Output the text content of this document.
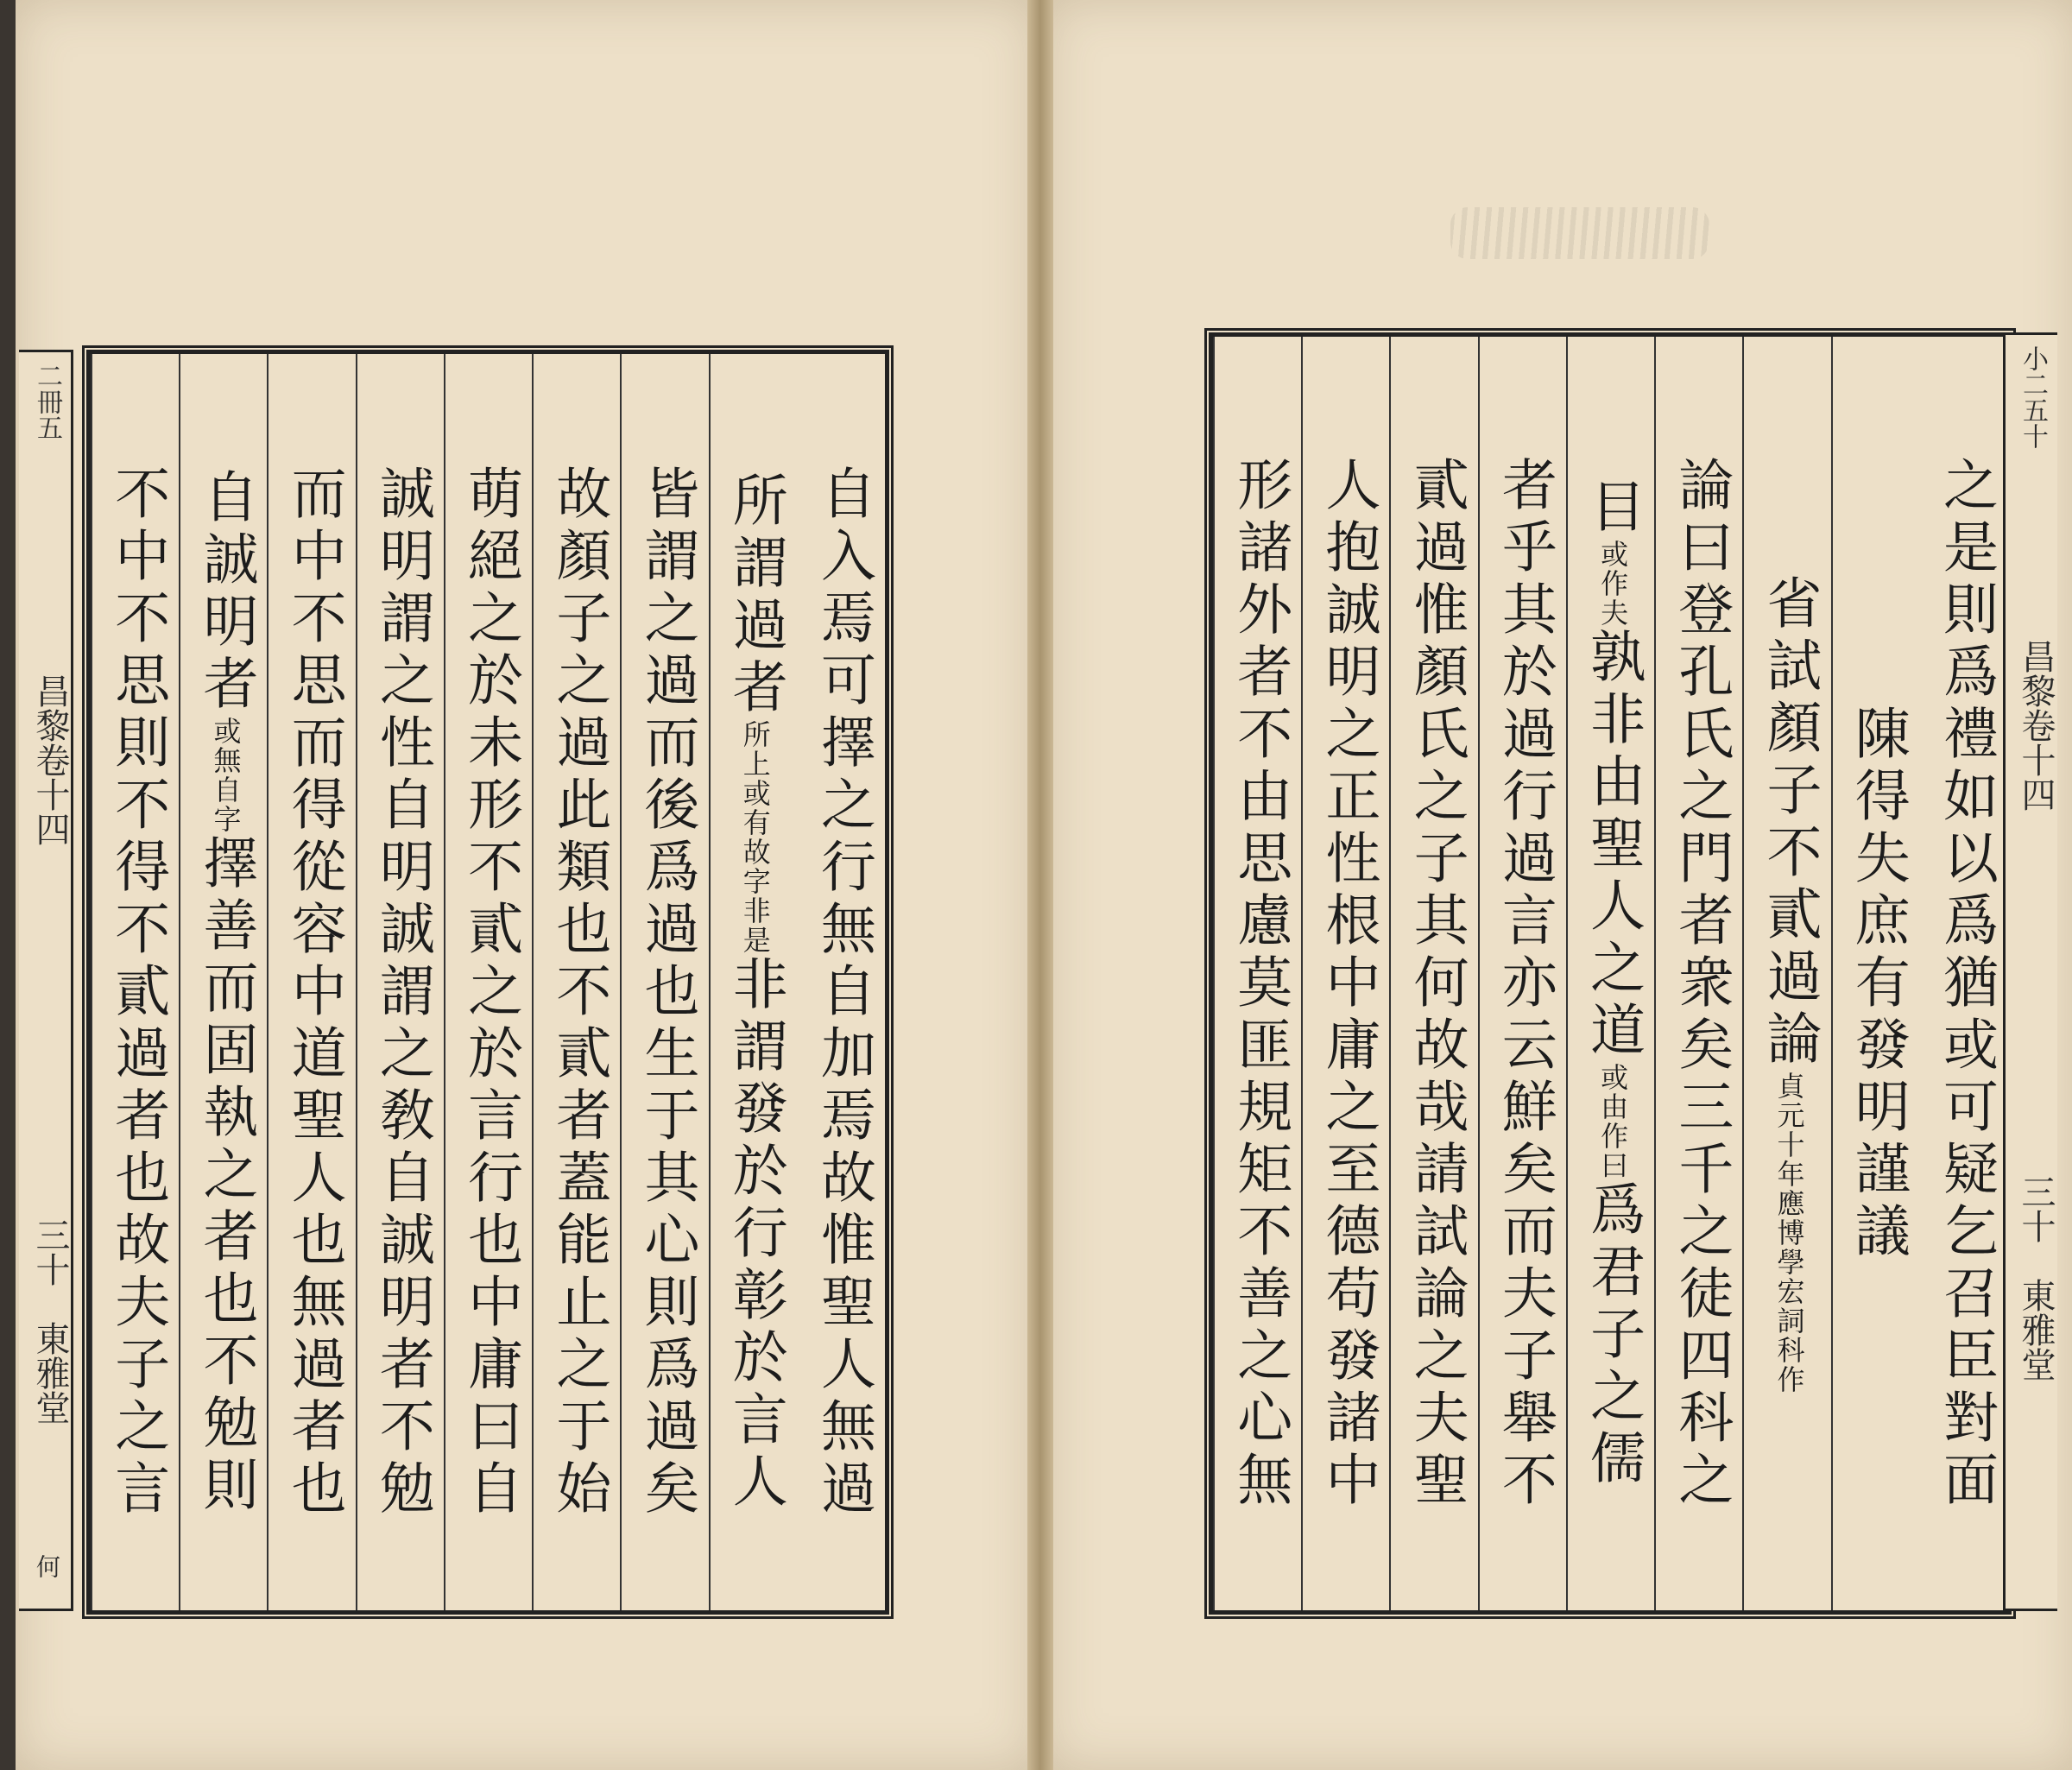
自入焉可擇之行無自加焉故惟聖人無過
所謂過者所上或有故字非是非謂發於行彰於言人
皆謂之過而後爲過也生于其心則爲過矣
故顏子之過此類也不貳者蓋能止之于始
萌絕之於未形不貳之於言行也中庸曰自
誠明謂之性自明誠謂之敎自誠明者不勉
而中不思而得從容中道聖人也無過者也
自誠明者或無自字擇善而固執之者也不勉則
不中不思則不得不貳過者也故夫子之言
二冊五
昌黎卷十四
三十
東雅堂
何
之是則爲禮如以爲猶或可疑乞召臣對面
陳得失庶有發明謹議
省試顏子不貳過論貞元十年應博學宏詞科作
論曰登孔氏之門者衆矣三千之徒四科之
目或作夫孰非由聖人之道或由作曰爲君子之儒
者乎其於過行過言亦云鮮矣而夫子舉不
貳過惟顏氏之子其何故哉請試論之夫聖
人抱誠明之正性根中庸之至德苟發諸中
形諸外者不由思慮莫匪規矩不善之心無
小二五十
昌黎卷十四
三十
東雅堂
